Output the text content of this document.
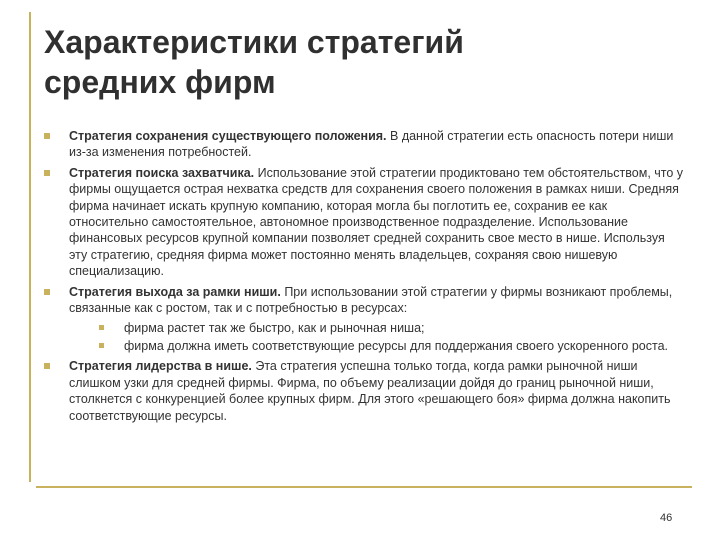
Характеристики стратегий
средних фирм
Стратегия сохранения существующего положения. В данной стратегии есть опасность потери ниши из-за изменения потребностей.
Стратегия поиска захватчика. Использование этой стратегии продиктовано тем обстоятельством, что у фирмы ощущается острая нехватка средств для сохранения своего положения в рамках ниши. Средняя фирма начинает искать крупную компанию, которая могла бы поглотить ее, сохранив ее как относительно самостоятельное, автономное производственное подразделение. Использование финансовых ресурсов крупной компании позволяет средней сохранить свое место в нише. Используя эту стратегию, средняя фирма может постоянно менять владельцев, сохраняя свою нишевую специализацию.
Стратегия выхода за рамки ниши. При использовании этой стратегии у фирмы возникают проблемы, связанные как с ростом, так и с потребностью в ресурсах:
фирма растет так же быстро, как и рыночная ниша;
фирма должна иметь соответствующие ресурсы для поддержания своего ускоренного роста.
Стратегия лидерства в нише. Эта стратегия успешна только тогда, когда рамки рыночной ниши слишком узки для средней фирмы. Фирма, по объему реализации дойдя до границ рыночной ниши, столкнется с конкуренцией более крупных фирм. Для этого «решающего боя» фирма должна накопить соответствующие ресурсы.
46
